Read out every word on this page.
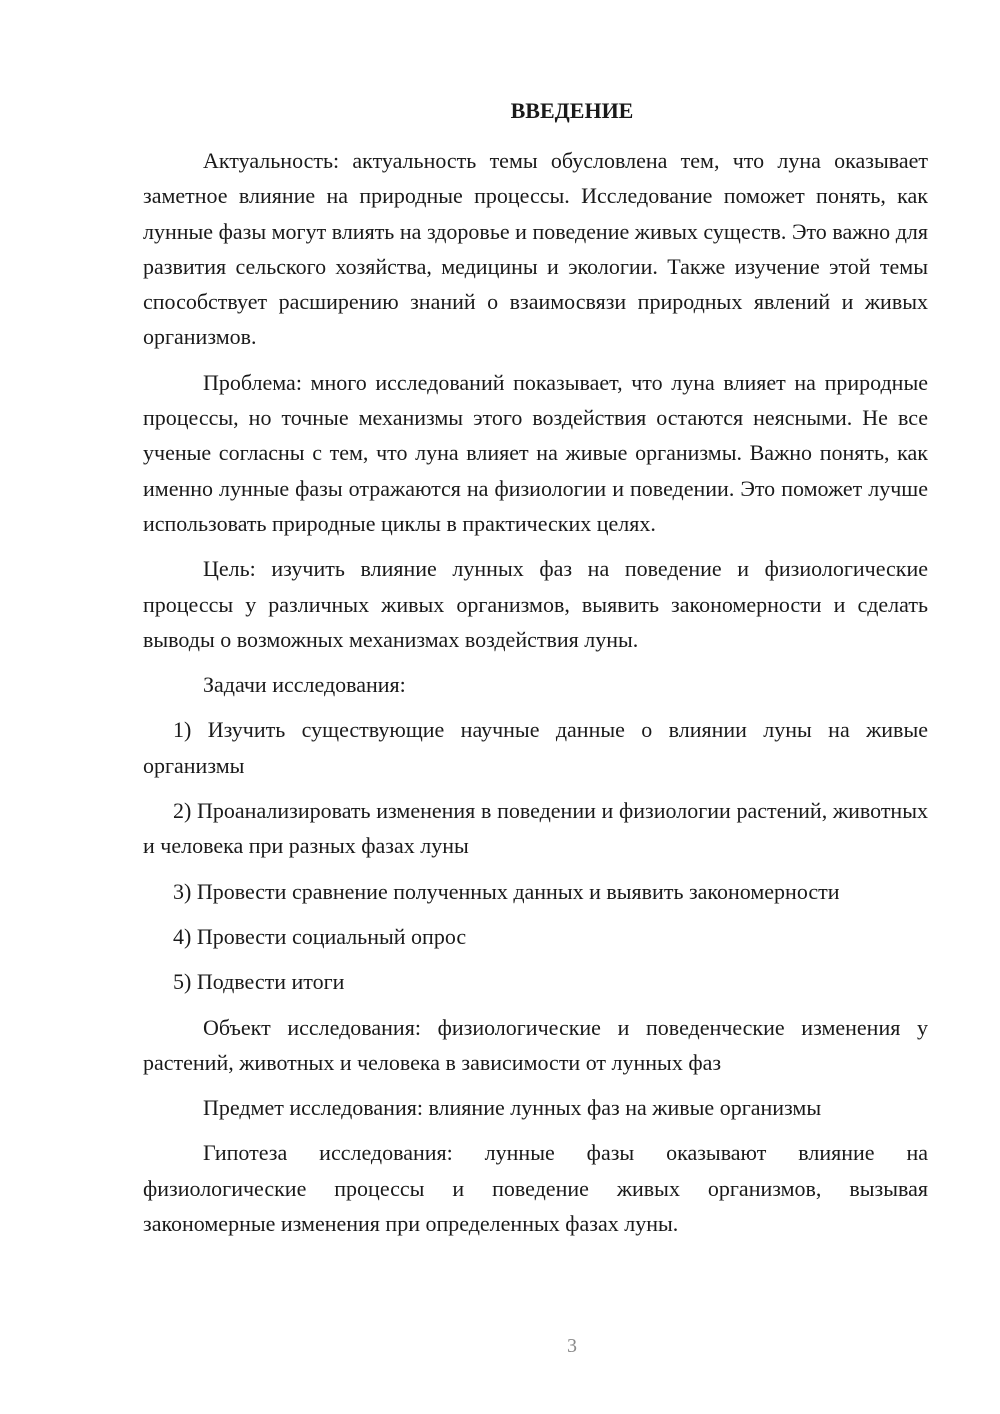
ВВЕДЕНИЕ

Актуальность: актуальность темы обусловлена тем, что луна оказывает заметное влияние на природные процессы. Исследование поможет понять, как лунные фазы могут влиять на здоровье и поведение живых существ. Это важно для развития сельского хозяйства, медицины и экологии. Также изучение этой темы способствует расширению знаний о взаимосвязи природных явлений и живых организмов.

Проблема: много исследований показывает, что луна влияет на природные процессы, но точные механизмы этого воздействия остаются неясными. Не все ученые согласны с тем, что луна влияет на живые организмы. Важно понять, как именно лунные фазы отражаются на физиологии и поведении. Это поможет лучше использовать природные циклы в практических целях.

Цель: изучить влияние лунных фаз на поведение и физиологические процессы у различных живых организмов, выявить закономерности и сделать выводы о возможных механизмах воздействия луны.

Задачи исследования:

1) Изучить существующие научные данные о влиянии луны на живые организмы

2) Проанализировать изменения в поведении и физиологии растений, животных и человека при разных фазах луны

3) Провести сравнение полученных данных и выявить закономерности

4) Провести социальный опрос

5) Подвести итоги

Объект исследования: физиологические и поведенческие изменения у растений, животных и человека в зависимости от лунных фаз

Предмет исследования: влияние лунных фаз на живые организмы

Гипотеза исследования: лунные фазы оказывают влияние на физиологические процессы и поведение живых организмов, вызывая закономерные изменения при определенных фазах луны.

3
